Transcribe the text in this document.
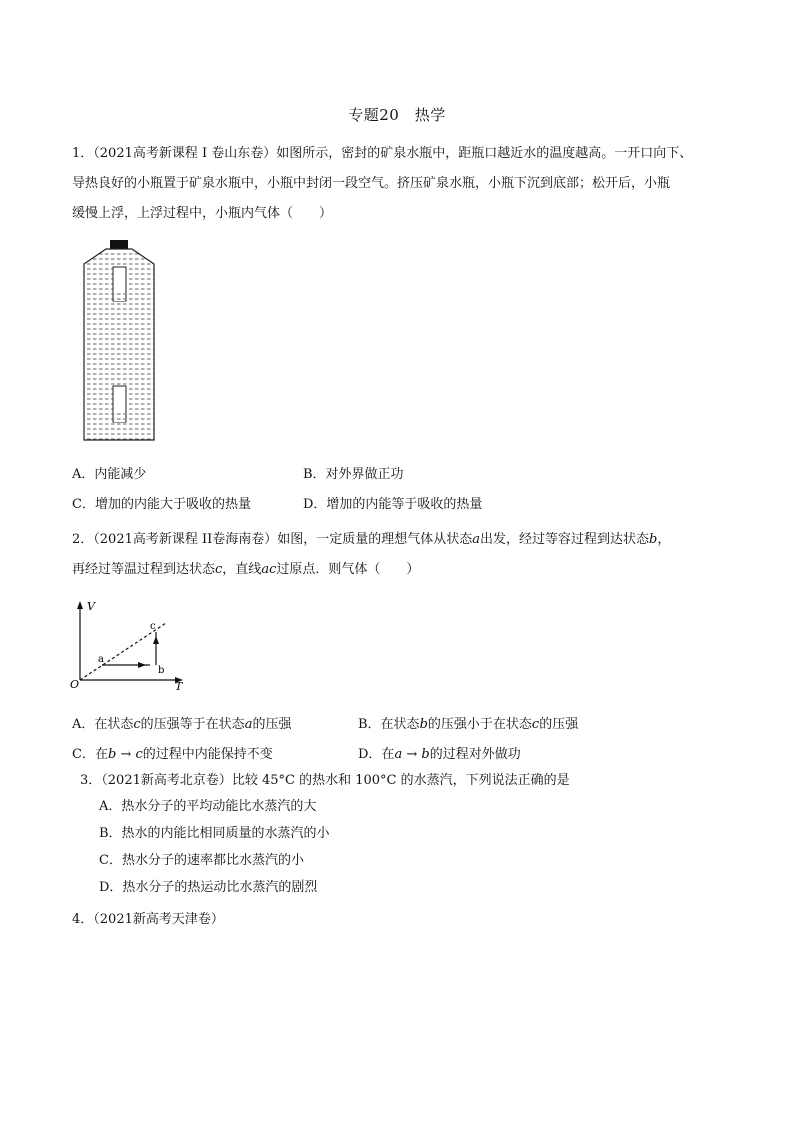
专题20　热学
1．（2021高考新课程 I 卷山东卷）如图所示，密封的矿泉水瓶中，距瓶口越近水的温度越高。一开口向下、
导热良好的小瓶置于矿泉水瓶中，小瓶中封闭一段空气。挤压矿泉水瓶，小瓶下沉到底部；松开后，小瓶
缓慢上浮，上浮过程中，小瓶内气体（　　）
A．内能减少	B．对外界做正功
C．增加的内能大于吸收的热量	D．增加的内能等于吸收的热量
2．（2021高考新课程 II卷海南卷）如图，一定质量的理想气体从状态a出发，经过等容过程到达状态b，
再经过等温过程到达状态c，直线ac过原点．则气体（　　）
V
T
O
a
b
c
A．在状态c的压强等于在状态a的压强	B．在状态b的压强小于在状态c的压强
C．在b → c的过程中内能保持不变	D．在a → b的过程对外做功
3．（2021新高考北京卷）比较 45°C 的热水和 100°C 的水蒸汽，下列说法正确的是
A．热水分子的平均动能比水蒸汽的大
B．热水的内能比相同质量的水蒸汽的小
C．热水分子的速率都比水蒸汽的小
D．热水分子的热运动比水蒸汽的剧烈
4．（2021新高考天津卷）
